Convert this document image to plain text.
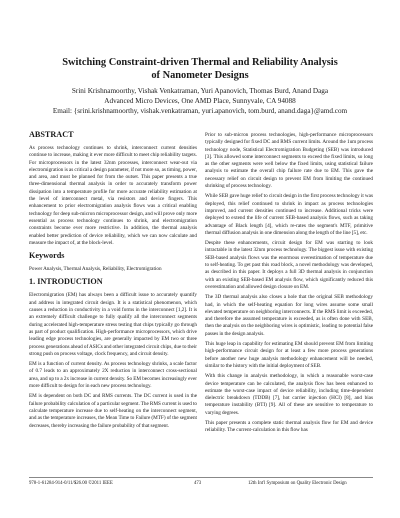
Switching Constraint-driven Thermal and Reliability Analysis
of Nanometer Designs
Srini Krishnamoorthy, Vishak Venkatraman, Yuri Apanovich, Thomas Burd, Anand Daga
Advanced Micro Devices, One AMD Place, Sunnyvale, CA 94088
Email: {srini.krishnamoorthy, vishak.venkatraman, yuri.apanovich, tom.burd, anand.daga}@amd.com
ABSTRACT
As process technology continues to shrink, interconnect current densities continue to increase, making it ever more difficult to meet chip reliability targets. For microprocessors in the latest 32nm processes, interconnect wear-out via electromigration is as critical a design parameter, if not more so, as timing, power, and area, and must be planned for from the outset. This paper presents a true three-dimensional thermal analysis in order to accurately transform power dissipation into a temperature profile for more accurate reliability estimation at the level of interconnect metal, via resistors and device fingers. This enhancement to prior electromigration analysis flows was a critical enabling technology for deep sub-micron microprocessor design, and will prove only more essential as process technology continues to shrink, and electromigration constraints become ever more restrictive. In addition, the thermal analysis enabled better prediction of device reliability, which we can now calculate and measure the impact of, at the block-level.
Keywords
Power Analysis, Thermal Analysis, Reliability, Electromigration
1. INTRODUCTION
Electromigration (EM) has always been a difficult issue to accurately quantify and address in integrated circuit design. It is a statistical phenomenon, which causes a reduction in conductivity in a void forms in the interconnect [1,2]. It is an extremely difficult challenge to fully qualify all the interconnect segments during accelerated high-temperature stress testing that chips typically go through as part of product qualification. High-performance microprocessors, which drive leading edge process technologies, are generally impacted by EM two or three process generations ahead of ASICs and other integrated circuit chips, due to their strong push on process voltage, clock frequency, and circuit density.
EM is a function of current density. As process technology shrinks, a scale factor of 0.7 leads to an approximately 2X reduction in interconnect cross-sectional area, and up to a 2x increase in current density. So EM becomes increasingly ever more difficult to design for in each new process technology.
EM is dependent on both DC and RMS currents. The DC current is used in the failure probability calculation of a particular segment. The RMS current is used to calculate temperature increase due to self-heating on the interconnect segment, and as the temperature increases, the Mean Time to Failure (MTF) of the segment decreases, thereby increasing the failure probability of that segment.
Prior to sub-micron process technologies, high-performance microprocessors typically designed for fixed DC and RMS current limits. Around the 1um process technology node, Statistical Electromigration Budgeting (SEB) was introduced [3]. This allowed some interconnect segments to exceed the fixed limits, so long as the other segments were well below the fixed limits, using statistical failure analysis to estimate the overall chip failure rate due to EM. This gave the necessary relief on circuit design to prevent EM from limiting the continued shrinking of process technology.
While SEB gave huge relief to circuit design in the first process technology it was deployed, this relief continued to shrink in impact as process technologies improved, and current densities continued to increase. Additional tricks were deployed to extend the life of current SEB-based analysis flows, such as taking advantage of Black length [4], which re-rates the segment's MTF, primitive thermal diffusion analysis in one dimension along the length of the line [5], etc.
Despite these enhancements, circuit design for EM was starting to look intractable in the latest 32nm process technology. The biggest issue with existing SEB-based analysis flows was the enormous overestimation of temperature due to self-heating. To get past this road block, a novel methodology was developed, as described in this paper. It deploys a full 3D thermal analysis in conjunction with an existing SEB-based EM analysis flow, which significantly reduced this overestimation and allowed design closure on EM.
The 3D thermal analysis also closes a hole that the original SEB methodology had, in which the self-heating equation for long wires assume some small elevated temperature on neighboring interconnects. If the RMS limit is exceeded, and therefore the assumed temperature is exceeded, as is often done with SEB, then the analysis on the neighboring wires is optimistic, leading to potential false passes in the design analysis.
This huge leap in capability for estimating EM should prevent EM from limiting high-performance circuit design for at least a few more process generations before another new huge analysis methodology enhancement will be needed, similar to the history with the initial deployment of SEB.
With this change in analysis methodology, in which a reasonable worst-case device temperature can be calculated, the analysis flow has been enhanced to estimate the worst-case impact of device reliability, including time-dependent dielectric breakdown (TDDB) [7], hot carrier injection (HCI) [8], and bias temperature instability (BTI) [9]. All of these are sensitive to temperature to varying degrees.
This paper presents a complete static thermal analysis flow for EM and device reliability. The current-calculation in this flow has
978-1-61284-914-0/11/$26.00 ©2011 IEEE	473	12th Int'l Symposium on Quality Electronic Design
